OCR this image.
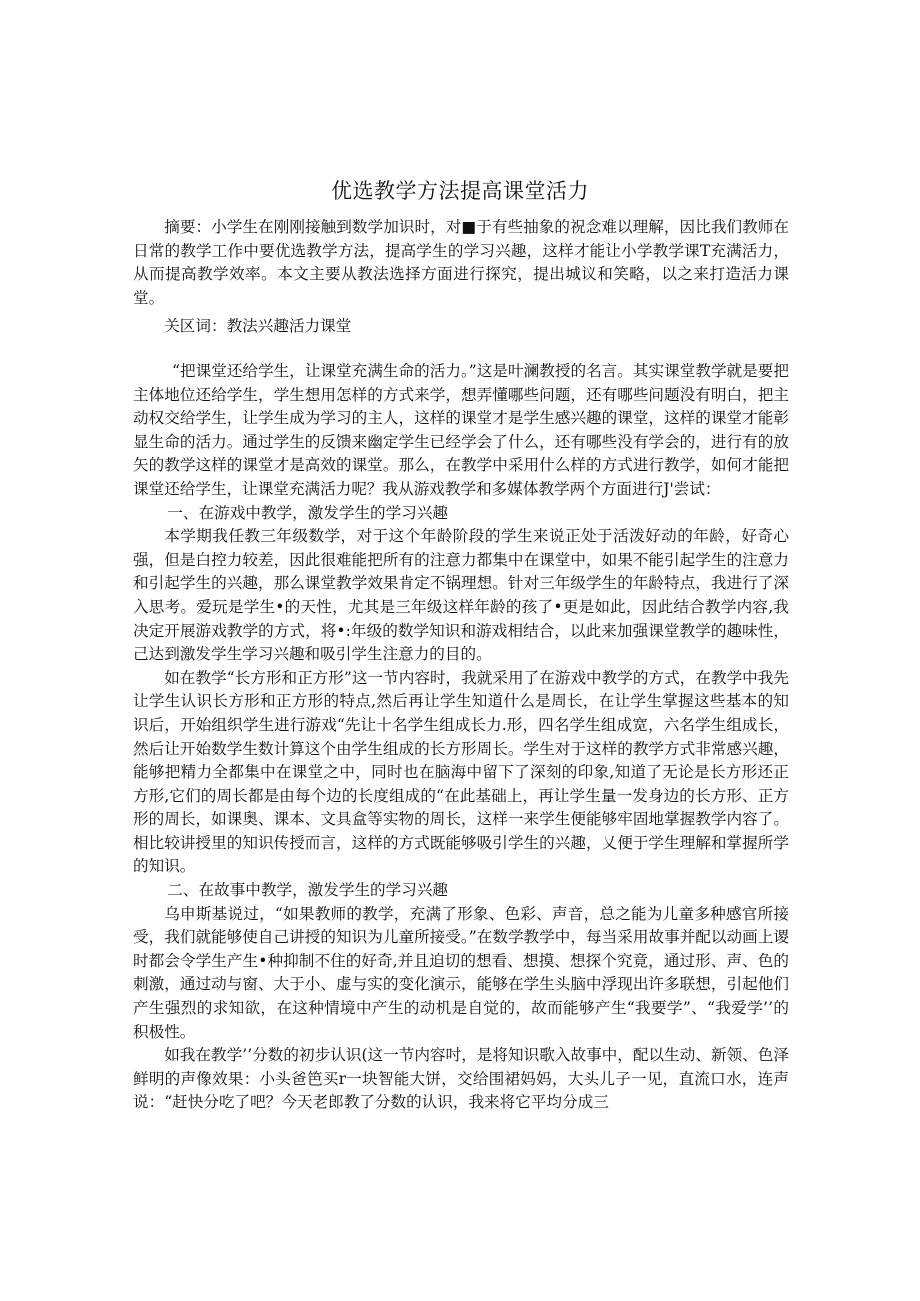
优选教学方法提高课堂活力

摘要：小学生在刚刚接触到数学加识时，对■于有些抽象的祝念难以理解，因比我们教师在日常的教学工作中要优选教学方法，提高学生的学习兴趣，这样才能让小学教学课T充满活力，从而提高教学效率。本文主要从教法选择方面进行探究，提出城议和笑略，以之来打造活力课堂。

关区词：教法兴趣活力课堂

“把课堂还给学生，让课堂充满生命的活力。”这是叶澜教授的名言。其实课堂教学就是要把主体地位还给学生，学生想用怎样的方式来学，想弄懂哪些问题，还有哪些问题没有明白，把主动权交给学生，让学生成为学习的主人，这样的课堂才是学生感兴趣的课堂，这样的课堂才能彰显生命的活力。通过学生的反馈来幽定学生已经学会了什么，还有哪些没有学会的，进行有的放矢的教学这样的课堂才是高效的课堂。那么，在教学中采用什么样的方式进行教学，如何才能把课堂还给学生，让课堂充满活力呢？我从游戏教学和多媒体教学两个方面进行J'尝试：

一、在游戏中教学，激发学生的学习兴趣

本学期我任教三年级数学，对于这个年龄阶段的学生来说正处于活泼好动的年龄，好奇心强，但是白控力较差，因此很难能把所有的注意力都集中在课堂中，如果不能引起学生的注意力和引起学生的兴趣，那么课堂教学效果肯定不锅理想。针对三年级学生的年龄特点，我进行了深入思考。爱玩是学生•的天性，尤其是三年级这样年龄的孩了•更是如此，因此结合教学内容,我决定开展游戏教学的方式，将•:年级的数学知识和游戏相结合，以此来加强课堂教学的趣味性，己达到激发学生学习兴趣和吸引学生注意力的目的。

如在教学“长方形和正方形”这一节内容时，我就采用了在游戏中教学的方式，在教学中我先让学生认识长方形和正方形的特点,然后再让学生知道什么是周长，在让学生掌握这些基本的知识后，开始组织学生进行游戏“先让十名学生组成长力.形，四名学生组成宽，六名学生组成长，然后让开始数学生数计算这个由学生组成的长方形周长。学生对于这样的教学方式非常感兴趣，能够把精力全都集中在课堂之中，同时也在脑海中留下了深刻的印象,知道了无论是长方形还正方形,它们的周长都是由每个边的长度组成的“在此基础上，再让学生量一发身边的长方形、正方形的周长，如课奥、课本、文具盒等实物的周长，这样一来学生便能够牢固地掌握教学内容了。相比较讲授里的知识传授而言，这样的方式既能够吸引学生的兴趣，乂便于学生理解和掌握所学的知识。

二、在故事中教学，激发学生的学习兴趣

乌申斯基说过，“如果教师的教学，充满了形象、色彩、声音，总之能为儿童多种感官所接受，我们就能够使自己讲授的知识为儿童所接受。”在数学教学中，每当采用故事并配以动画上谡时都会令学生产生•种抑制不住的好奇,并且迫切的想看、想摸、想探个究竟，通过形、声、色的刺激，通过动与窗、大于小、虚与实的变化演示，能够在学生头脑中浮现出许多联想，引起他们产生强烈的求知欲，在这种情境中产生的动机是自觉的，故而能够产生“我要学”、“我爱学’’的积极性。

如我在教学’’分数的初步认识(这一节内容吋，是将知识歌入故事中，配以生动、新领、色泽鲜明的声像效果：小头爸笆买r一块智能大饼，交给围裙妈妈，大头儿子一见，直流口水，连声说：“赶快分吃了吧？今天老郎教了分数的认识，我来将它平均分成三
